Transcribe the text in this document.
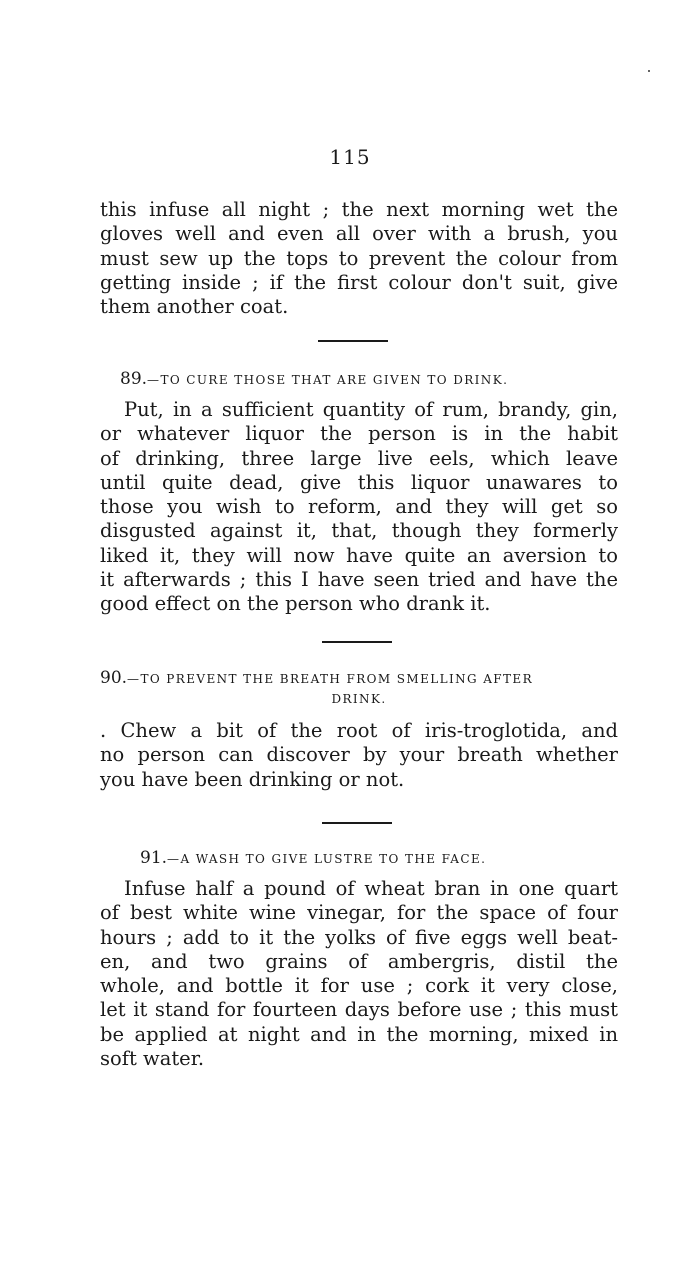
115
this infuse all night ; the next morning wet the
gloves well and even all over with a brush, you
must sew up the tops to prevent the colour from
getting inside ; if the first colour don't suit, give
them another coat.
89.—TO CURE THOSE THAT ARE GIVEN TO DRINK.
Put, in a sufficient quantity of rum, brandy, gin,
or whatever liquor the person is in the habit
of drinking, three large live eels, which leave
until quite dead, give this liquor unawares to
those you wish to reform, and they will get so
disgusted against it, that, though they formerly
liked it, they will now have quite an aversion to
it afterwards ; this I have seen tried and have the
good effect on the person who drank it.
90.—TO PREVENT THE BREATH FROM SMELLING AFTER
DRINK.
. Chew a bit of the root of iris-troglotida, and
no person can discover by your breath whether
you have been drinking or not.
91.—A WASH TO GIVE LUSTRE TO THE FACE.
Infuse half a pound of wheat bran in one quart
of best white wine vinegar, for the space of four
hours ; add to it the yolks of five eggs well beat-
en, and two grains of ambergris, distil the
whole, and bottle it for use ; cork it very close,
let it stand for fourteen days before use ; this must
be applied at night and in the morning, mixed in
soft water.
